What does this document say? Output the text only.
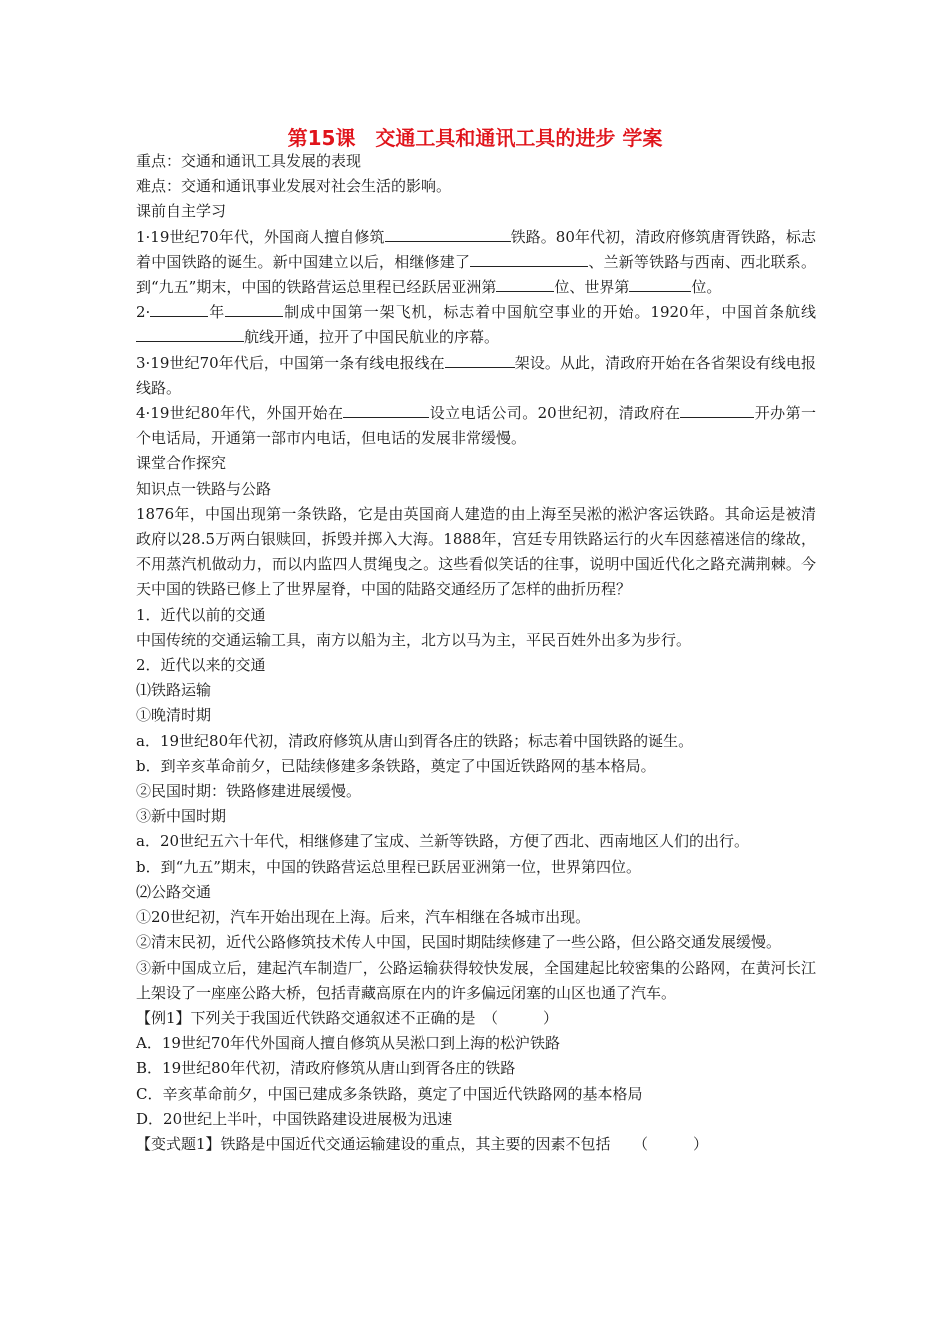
第15课　交通工具和通讯工具的进步 学案

重点：交通和通讯工具发展的表现

难点：交通和通讯事业发展对社会生活的影响。

课前自主学习

1·19世纪70年代，外国商人擅自修筑	铁路。80年代初，清政府修筑唐胥铁路，标志着中国铁路的诞生。新中国建立以后，相继修建了	、兰新等铁路与西南、西北联系。到“九五”期末，中国的铁路营运总里程已经跃居亚洲第	位、世界第	位。

2·	年	制成中国第一架飞机，标志着中国航空事业的开始。1920年，中国首条航线航线开通，拉开了中国民航业的序幕。

3·19世纪70年代后，中国第一条有线电报线在	架设。从此，清政府开始在各省架设有线电报线路。

4·19世纪80年代，外国开始在	设立电话公司。20世纪初，清政府在	开办第一个电话局，开通第一部市内电话，但电话的发展非常缓慢。

课堂合作探究

知识点一铁路与公路

1876年，中国出现第一条铁路，它是由英国商人建造的由上海至吴淞的淞沪客运铁路。其命运是被清政府以28.5万两白银赎回，拆毁并掷入大海。1888年，宫廷专用铁路运行的火车因慈禧迷信的缘故，不用蒸汽机做动力，而以内监四人贯绳曳之。这些看似笑话的往事，说明中国近代化之路充满荆棘。今天中国的铁路已修上了世界屋脊，中国的陆路交通经历了怎样的曲折历程？

1．近代以前的交通

中国传统的交通运输工具，南方以船为主，北方以马为主，平民百姓外出多为步行。

2．近代以来的交通

⑴铁路运输

①晚清时期

a．19世纪80年代初，清政府修筑从唐山到胥各庄的铁路；标志着中国铁路的诞生。

b．到辛亥革命前夕，已陆续修建多条铁路，奠定了中国近铁路网的基本格局。

②民国时期：铁路修建进展缓慢。

③新中国时期

a．20世纪五六十年代，相继修建了宝成、兰新等铁路，方便了西北、西南地区人们的出行。

b．到“九五”期末，中国的铁路营运总里程已跃居亚洲第一位，世界第四位。

⑵公路交通

①20世纪初，汽车开始出现在上海。后来，汽车相继在各城市出现。

②清末民初，近代公路修筑技术传人中国，民国时期陆续修建了一些公路，但公路交通发展缓慢。

③新中国成立后，建起汽车制造厂，公路运输获得较快发展，全国建起比较密集的公路网，在黄河长江上架设了一座座公路大桥，包括青藏高原在内的许多偏远闭塞的山区也通了汽车。

【例1】下列关于我国近代铁路交通叙述不正确的是　（　　　）

A．19世纪70年代外国商人擅自修筑从吴淞口到上海的松沪铁路

B．19世纪80年代初，清政府修筑从唐山到胥各庄的铁路

C．辛亥革命前夕，中国已建成多条铁路，奠定了中国近代铁路网的基本格局

D．20世纪上半叶，中国铁路建设进展极为迅速

【变式题1】铁路是中国近代交通运输建设的重点，其主要的因素不包括　　（　　　）
